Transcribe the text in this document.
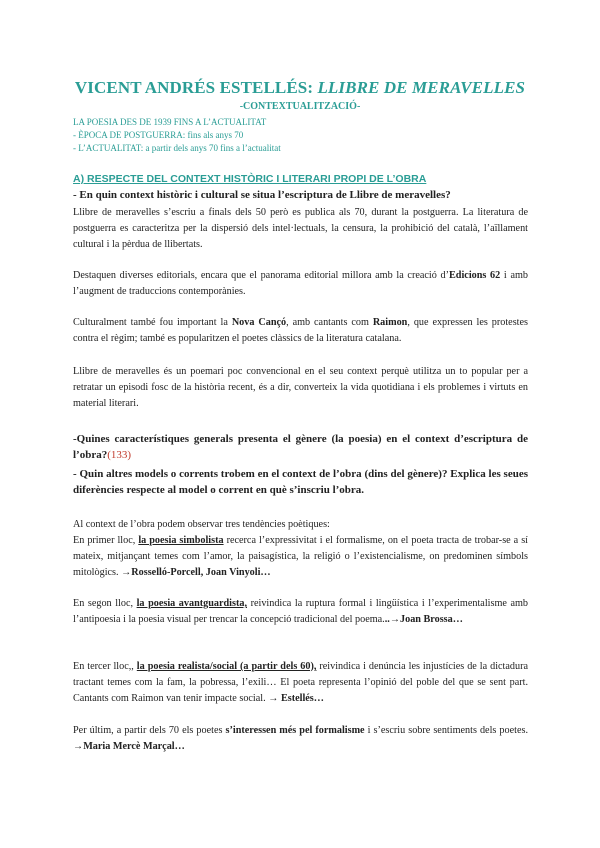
VICENT ANDRÉS ESTELLÉS: LLIBRE DE MERAVELLES
-CONTEXTUALITZACIÓ-
LA POESIA DES DE 1939 FINS A L’ACTUALITAT
- ÈPOCA DE POSTGUERRA: fins als anys 70
- L’ACTUALITAT: a partir dels anys 70 fins a l’actualitat
A) RESPECTE DEL CONTEXT HISTÒRIC I LITERARI PROPI DE L’OBRA
- En quin context històric i cultural se situa l’escriptura de Llibre de meravelles?
Llibre de meravelles s’escriu a finals dels 50 però es publica als 70, durant la postguerra. La literatura de postguerra es caracteritza per la dispersió dels intel·lectuals, la censura, la prohibició del català, l’aïllament cultural i la pèrdua de llibertats.
Destaquen diverses editorials, encara que el panorama editorial millora amb la creació d’Edicions 62 i amb l’augment de traduccions contemporànies.
Culturalment també fou important la Nova Cançó, amb cantants com Raimon, que expressen les protestes contra el règim; també es popularitzen el poetes clàssics de la literatura catalana.
Llibre de meravelles és un poemari poc convencional en el seu context perquè utilitza un to popular per a retratar un episodi fosc de la història recent, és a dir, converteix la vida quotidiana i els problemes i virtuts en material literari.
-Quines característiques generals presenta el gènere (la poesia) en el context d’escriptura de l’obra?(133)
- Quin altres models o corrents trobem en el context de l’obra (dins del gènere)? Explica les seues diferències respecte al model o corrent en què s’inscriu l’obra.
Al context de l’obra podem observar tres tendències poètiques:
En primer lloc, la poesia simbolista recerca l’expressivitat i el formalisme, on el poeta tracta de trobar-se a sí mateix, mitjançant temes com l’amor, la paisagística, la religió o l’existencialisme, on predominen símbols mitològics. →Rosselló-Porcell, Joan Vinyoli…
En segon lloc, la poesia avantguardista, reivindica la ruptura formal i lingüística i l’experimentalisme amb l’antipoesia i la poesia visual per trencar la concepció tradicional del poema...→Joan Brossa…
En tercer lloc,, la poesia realista/social (a partir dels 60), reivindica i denúncia les injustícies de la dictadura tractant temes com la fam, la pobressa, l’exili… El poeta representa l’opinió del poble del que se sent part. Cantants com Raimon van tenir impacte social. → Estellés…
Per últim, a partir dels 70 els poetes s’interessen més pel formalisme i s’escriu sobre sentiments dels poetes. →Maria Mercè Marçal…
